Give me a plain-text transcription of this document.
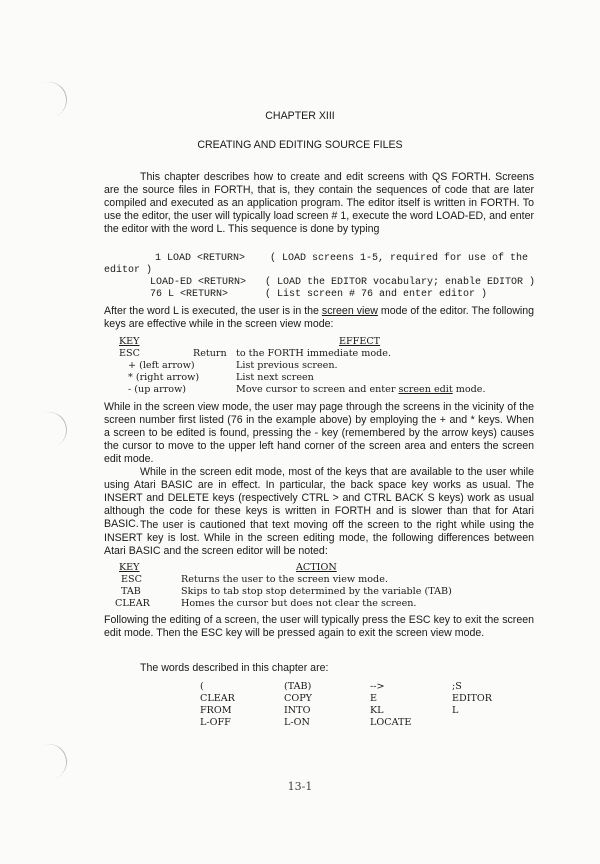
CHAPTER XIII
CREATING AND EDITING SOURCE FILES
This chapter describes how to create and edit screens with QS FORTH. Screens are the source files in FORTH, that is, they contain the sequences of code that are later compiled and executed as an application program. The editor itself is written in FORTH. To use the editor, the user will typically load screen # 1, execute the word LOAD-ED, and enter the editor with the word L. This sequence is done by typing
1 LOAD <RETURN> ( LOAD screens 1-5, required for use of the
editor )
LOAD-ED <RETURN> ( LOAD the EDITOR vocabulary; enable EDITOR )
76 L <RETURN>	( List screen # 76 and enter editor )
After the word L is executed, the user is in the screen view mode of the editor. The following keys are effective while in the screen view mode:
KEY	EFFECT
ESC	Return to the FORTH immediate mode.
+ (left arrow)	List previous screen.
* (right arrow)	List next screen
- (up arrow)	Move cursor to screen and enter screen edit mode.
While in the screen view mode, the user may page through the screens in the vicinity of the screen number first listed (76 in the example above) by employing the + and * keys. When a screen to be edited is found, pressing the - key (remembered by the arrow keys) causes the cursor to move to the upper left hand corner of the screen area and enters the screen edit mode.
While in the screen edit mode, most of the keys that are available to the user while using Atari BASIC are in effect. In particular, the back space key works as usual. The INSERT and DELETE keys (respectively CTRL > and CTRL BACK S keys) work as usual although the code for these keys is written in FORTH and is slower than that for Atari BASIC. The user is cautioned that text moving off the screen to the right while using the INSERT key is lost. While in the screen editing mode, the following differences between Atari BASIC and the screen editor will be noted:
KEY	ACTION
ESC	Returns the user to the screen view mode.
TAB	Skips to tab stop stop determined by the variable (TAB)
CLEAR	Homes the cursor but does not clear the screen.
Following the editing of a screen, the user will typically press the ESC key to exit the screen edit mode. Then the ESC key will be pressed again to exit the screen view mode.
The words described in this chapter are:
(	(TAB)	-->	;S
CLEAR	COPY	E	EDITOR
FROM	INTO	KL	L
L-OFF	L-ON	LOCATE
13-1
